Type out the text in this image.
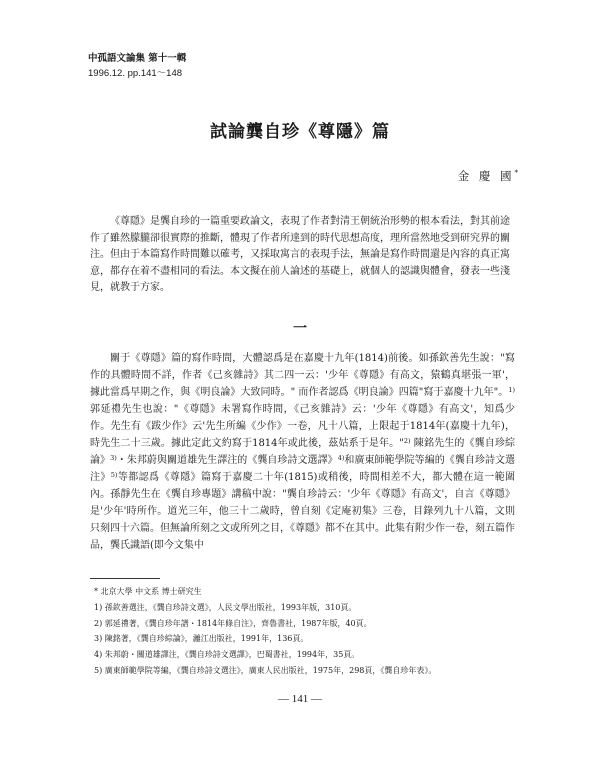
中孤語文論集 第十一輯
1996.12. pp.141～148
試論龔自珍《尊隱》篇
金 慶 國*

《尊隱》是龔自珍的一篇重要政論文，表現了作者對清王朝統治形勢的根本看法，對其前途作了雖然朦朧卻很實際的推斷，體現了作者所達到的時代思想高度，理所當然地受到研究界的關注。但由于本篇寫作時間難以確考，又採取寓言的表現手法，無論是寫作時間還是內容的真正寓意，都存在着不盡相同的看法。本文擬在前人論述的基礎上，就個人的認識與體會，發表一些淺見，就教于方家。

一

關于《尊隱》篇的寫作時間，大體認爲是在嘉慶十九年(1814)前後。如孫欽善先生說："寫作的具體時間不詳，作者《己亥雜詩》其二四一云：'少年《尊隱》有高文，猿鶴真堪張一軍'，據此當爲早期之作，與《明良論》大致同時。" 而作者認爲《明良論》四篇"寫于嘉慶十九年"。$^{1)}$ 郭延禮先生也說："《尊隱》未署寫作時間，《己亥雜詩》云：'少年《尊隱》有高文'，知爲少作。先生有《跋少作》云'先生所編《少作》一卷，凡十八篇，上限起于1814年(嘉慶十九年)，時先生二十三歲。據此定此文約寫于1814年或此後，茲姑系于是年。"$^{2)}$ 陳銘先生的《龔自珍綜論》$^{3)}$・朱邦蔚與關道雄先生譯注的《龔自珍詩文選譯》$^{4)}$和廣東師範學院等編的《龔自珍詩文選注》$^{5)}$等都認爲《尊隱》篇寫于嘉慶二十年(1815)或稍後，時間相差不大，都大體在這一範圍內。孫靜先生在《龔自珍專題》講稿中說："龔自珍詩云：'少年《尊隱》有高文'，自言《尊隱》是'少年'時所作。道光三年，他三十二歲時，曾自刻《定庵初集》三卷，目錄列九十八篇，文則只刻四十六篇。但無論所刻之文或所列之目，《尊隱》都不在其中。此集有附少作一卷，刻五篇作品，龔氏識語(即今文集中

* 北京大學 中文系 博士研究生
1) 孫欽善選注，《龔自珍詩文選》，人民文學出版社，1993年版，310頁。
2) 郭延禮著，《龔自珍年譜・1814年條自注》，齊魯書社，1987年版，40頁。
3) 陳銘著，《龔自珍綜論》，灕江出版社，1991年，136頁。
4) 朱邦蔚・關道雄譯注，《龔自珍詩文選譯》，巴蜀書社，1994年，35頁。
5) 廣東師範學院等編，《龔自珍詩文選注》，廣東人民出版社，1975年，298頁，《龔自珍年表》。
— 141 —
